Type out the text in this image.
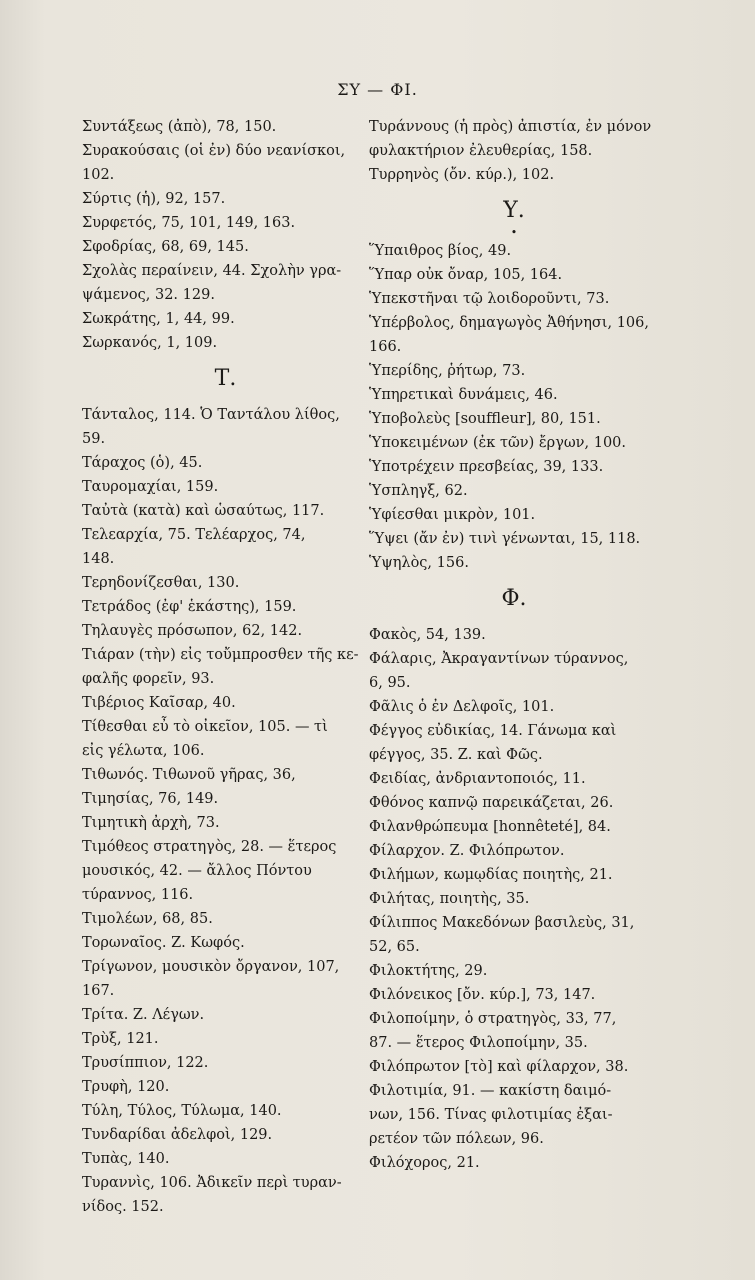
ΣΥ — ΦΙ.
Συντάξεως (ἀπὸ), 78, 150.
Συρακούσαις (οἱ ἐν) δύο νεανίσκοι,
102.
Σύρτις (ἡ), 92, 157.
Συρφετός, 75, 101, 149, 163.
Σφοδρίας, 68, 69, 145.
Σχολὰς περαίνειν, 44. Σχολὴν γρα-
ψάμενος, 32. 129.
Σωκράτης, 1, 44, 99.
Σωρκανός, 1, 109.
Τ.
Τάνταλος, 114. Ὁ Ταντάλου λίθος,
59.
Τάραχος (ὁ), 45.
Ταυρομαχίαι, 159.
Ταὐτὰ (κατὰ) καὶ ὡσαύτως, 117.
Τελεαρχία, 75. Τελέαρχος, 74,
148.
Τερηδονίζεσθαι, 130.
Τετράδος (ἐφ' ἑκάστης), 159.
Τηλαυγὲς πρόσωπον, 62, 142.
Τιάραν (τὴν) εἰς τοὔμπροσθεν τῆς κε-
φαλῆς φορεῖν, 93.
Τιβέριος Καῖσαρ, 40.
Τίθεσθαι εὖ τὸ οἰκεῖον, 105. — τὶ
εἰς γέλωτα, 106.
Τιθωνός. Τιθωνοῦ γῆρας, 36,
Τιμησίας, 76, 149.
Τιμητικὴ ἀρχὴ, 73.
Τιμόθεος στρατηγὸς, 28. — ἕτερος
μουσικός, 42. — ἄλλος Πόντου
τύραννος, 116.
Τιμολέων, 68, 85.
Τορωναῖος. Ζ. Κωφός.
Τρίγωνον, μουσικὸν ὄργανον, 107, 167.
Τρίτα. Ζ. Λέγων.
Τρὺξ, 121.
Τρυσίππιον, 122.
Τρυφὴ, 120.
Τύλη, Τύλος, Τύλωμα, 140.
Τυνδαρίδαι ἀδελφοὶ, 129.
Τυπὰς, 140.
Τυραννὶς, 106. Ἀδικεῖν περὶ τυραν-
νίδος. 152.
Τυράννους (ἡ πρὸς) ἀπιστία, ἐν μόνον
φυλακτήριον ἐλευθερίας, 158.
Τυρρηνὸς (ὄν. κύρ.), 102.
Υ.
•
Ὕπαιθρος βίος, 49.
Ὕπαρ οὐκ ὄναρ, 105, 164.
Ὑπεκστῆναι τῷ λοιδοροῦντι, 73.
Ὑπέρβολος, δημαγωγὸς Ἀθήνησι, 106,
166.
Ὑπερίδης, ῥήτωρ, 73.
Ὑπηρετικαὶ δυνάμεις, 46.
Ὑποβολεὺς [souffleur], 80, 151.
Ὑποκειμένων (ἐκ τῶν) ἔργων, 100.
Ὑποτρέχειν πρεσβείας, 39, 133.
Ὑσπληγξ, 62.
Ὑφίεσθαι μικρὸν, 101.
Ὕψει (ἄν ἐν) τινὶ γένωνται, 15, 118.
Ὑψηλὸς, 156.
Φ.
Φακὸς, 54, 139.
Φάλαρις, Ἀκραγαντίνων τύραννος,
6, 95.
Φᾶλις ὁ ἐν Δελφοῖς, 101.
Φέγγος εὐδικίας, 14. Γάνωμα καὶ
φέγγος, 35. Ζ. καὶ Φῶς.
Φειδίας, ἀνδριαντοποιός, 11.
Φθόνος καπνῷ παρεικάζεται, 26.
Φιλανθρώπευμα [honnêteté], 84.
Φίλαρχον. Ζ. Φιλόπρωτον.
Φιλήμων, κωμῳδίας ποιητὴς, 21.
Φιλήτας, ποιητὴς, 35.
Φίλιππος Μακεδόνων βασιλεὺς, 31,
52, 65.
Φιλοκτήτης, 29.
Φιλόνεικος [ὄν. κύρ.], 73, 147.
Φιλοποίμην, ὁ στρατηγὸς, 33, 77,
87. — ἕτερος Φιλοποίμην, 35.
Φιλόπρωτον [τὸ] καὶ φίλαρχον, 38.
Φιλοτιμία, 91. — κακίστη δαιμό-
νων, 156. Τίνας φιλοτιμίας ἐξαι-
ρετέον τῶν πόλεων, 96.
Φιλόχορος, 21.
